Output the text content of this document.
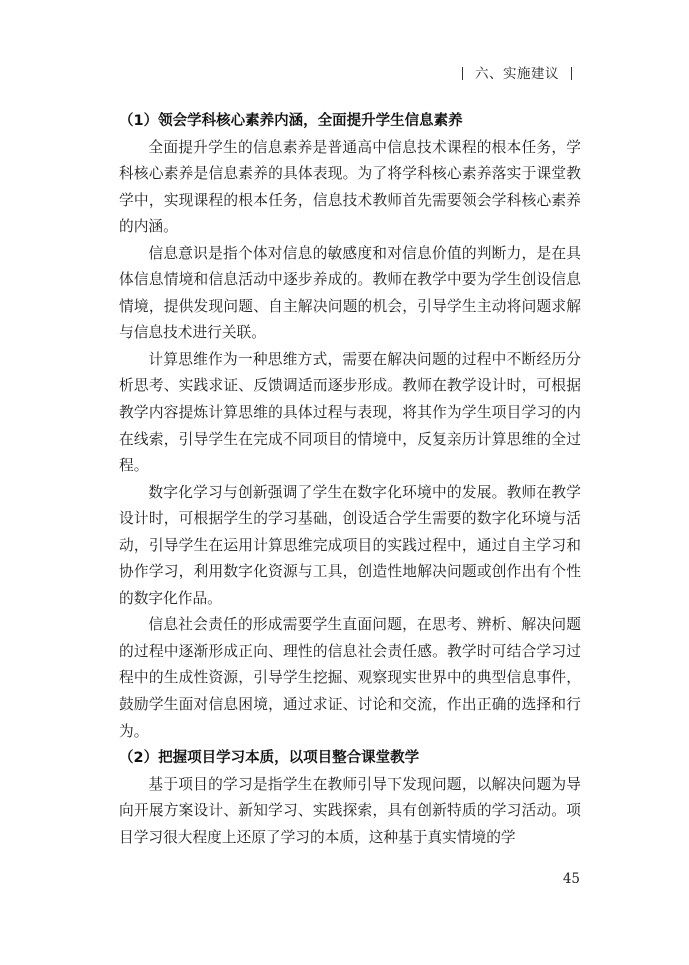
六、实施建议
（1）领会学科核心素养内涵，全面提升学生信息素养

全面提升学生的信息素养是普通高中信息技术课程的根本任务，学科核心素养是信息素养的具体表现。为了将学科核心素养落实于课堂教学中，实现课程的根本任务，信息技术教师首先需要领会学科核心素养的内涵。

信息意识是指个体对信息的敏感度和对信息价值的判断力，是在具体信息情境和信息活动中逐步养成的。教师在教学中要为学生创设信息情境，提供发现问题、自主解决问题的机会，引导学生主动将问题求解与信息技术进行关联。

计算思维作为一种思维方式，需要在解决问题的过程中不断经历分析思考、实践求证、反馈调适而逐步形成。教师在教学设计时，可根据教学内容提炼计算思维的具体过程与表现，将其作为学生项目学习的内在线索，引导学生在完成不同项目的情境中，反复亲历计算思维的全过程。

数字化学习与创新强调了学生在数字化环境中的发展。教师在教学设计时，可根据学生的学习基础，创设适合学生需要的数字化环境与活动，引导学生在运用计算思维完成项目的实践过程中，通过自主学习和协作学习，利用数字化资源与工具，创造性地解决问题或创作出有个性的数字化作品。

信息社会责任的形成需要学生直面问题，在思考、辨析、解决问题的过程中逐渐形成正向、理性的信息社会责任感。教学时可结合学习过程中的生成性资源，引导学生挖掘、观察现实世界中的典型信息事件，鼓励学生面对信息困境，通过求证、讨论和交流，作出正确的选择和行为。

（2）把握项目学习本质，以项目整合课堂教学

基于项目的学习是指学生在教师引导下发现问题，以解决问题为导向开展方案设计、新知学习、实践探索，具有创新特质的学习活动。项目学习很大程度上还原了学习的本质，这种基于真实情境的学

45
